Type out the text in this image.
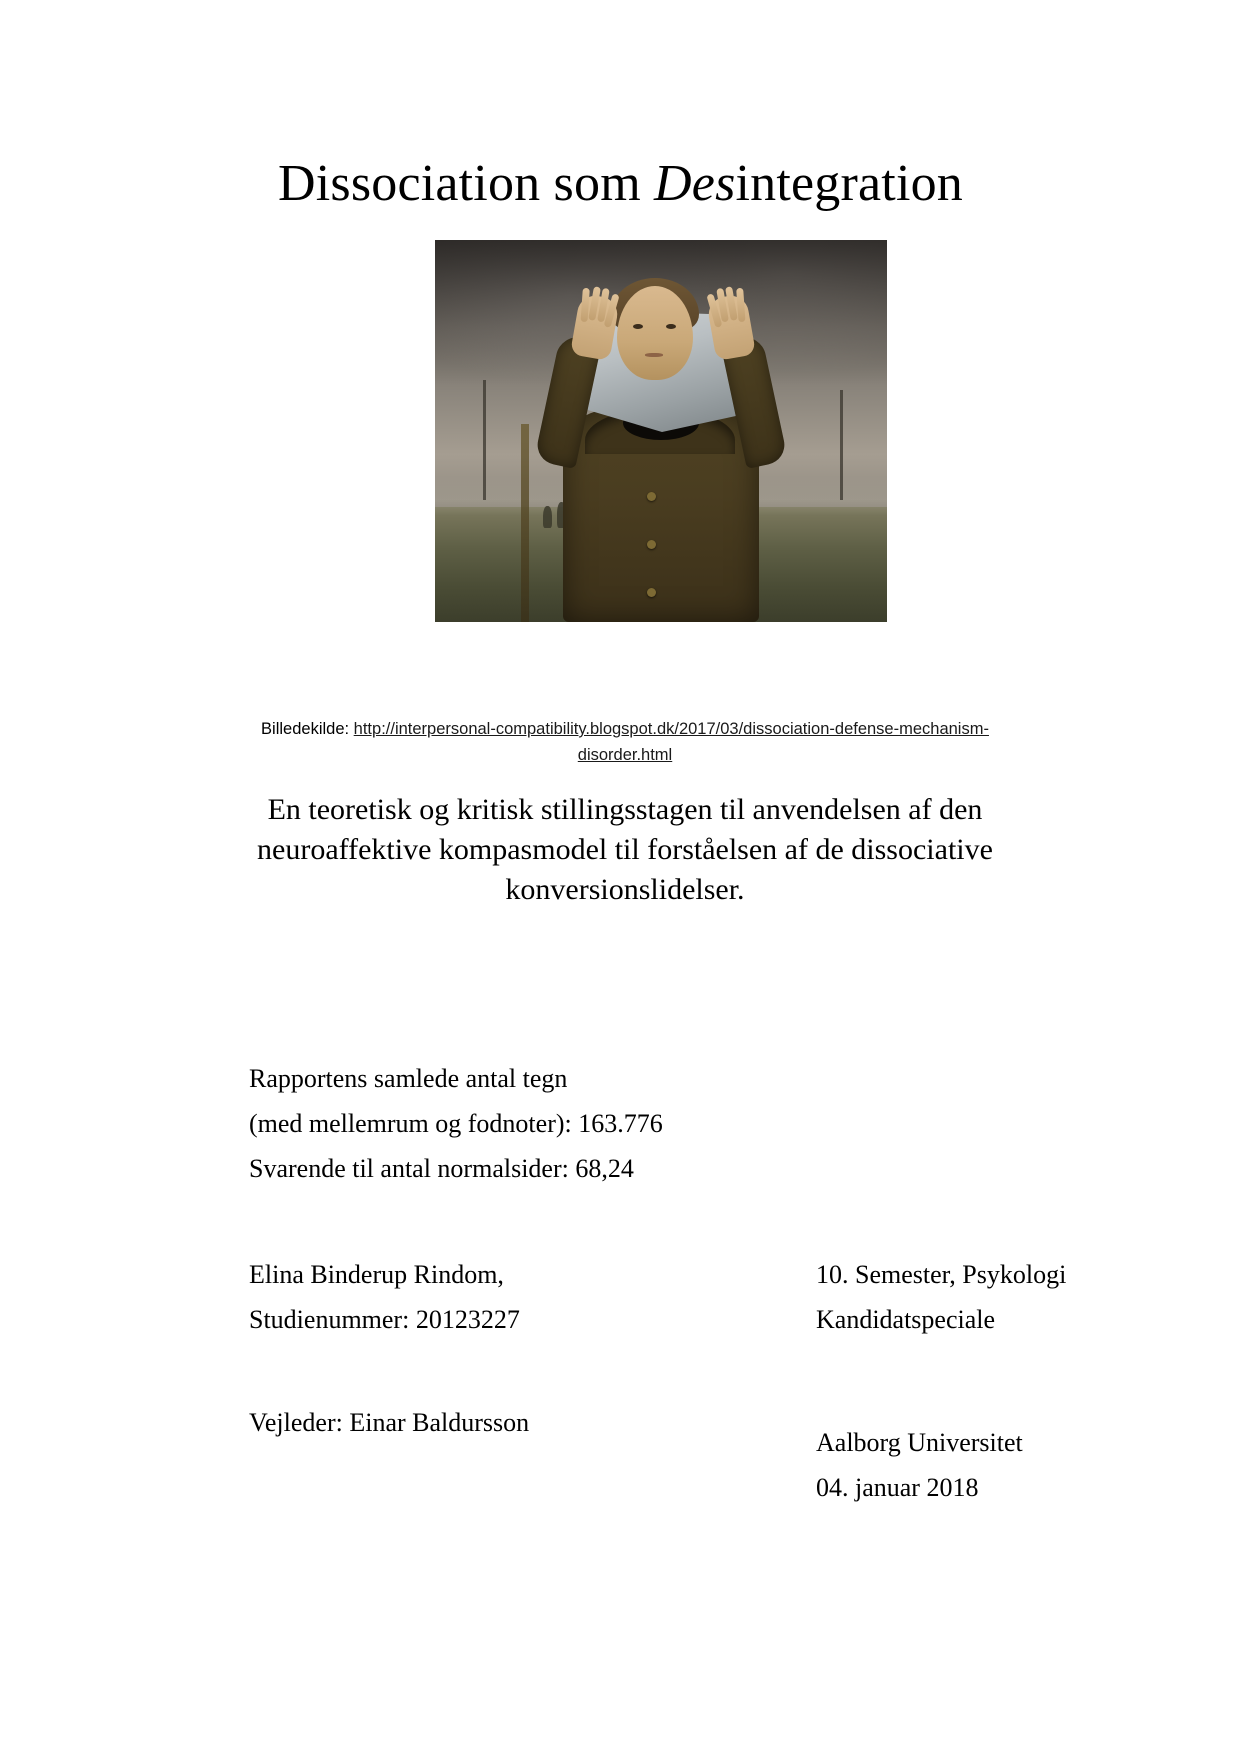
Dissociation som Desintegration
Billedekilde: http://interpersonal-compatibility.blogspot.dk/2017/03/dissociation-defense-mechanism-
disorder.html
En teoretisk og kritisk stillingsstagen til anvendelsen af den neuroaffektive kompasmodel til forståelsen af de dissociative konversionslidelser.
Rapportens samlede antal tegn
(med mellemrum og fodnoter): 163.776
Svarende til antal normalsider: 68,24
Elina Binderup Rindom,
Studienummer: 20123227
10. Semester, Psykologi
Kandidatspeciale
Vejleder: Einar Baldursson
Aalborg Universitet
04. januar 2018
